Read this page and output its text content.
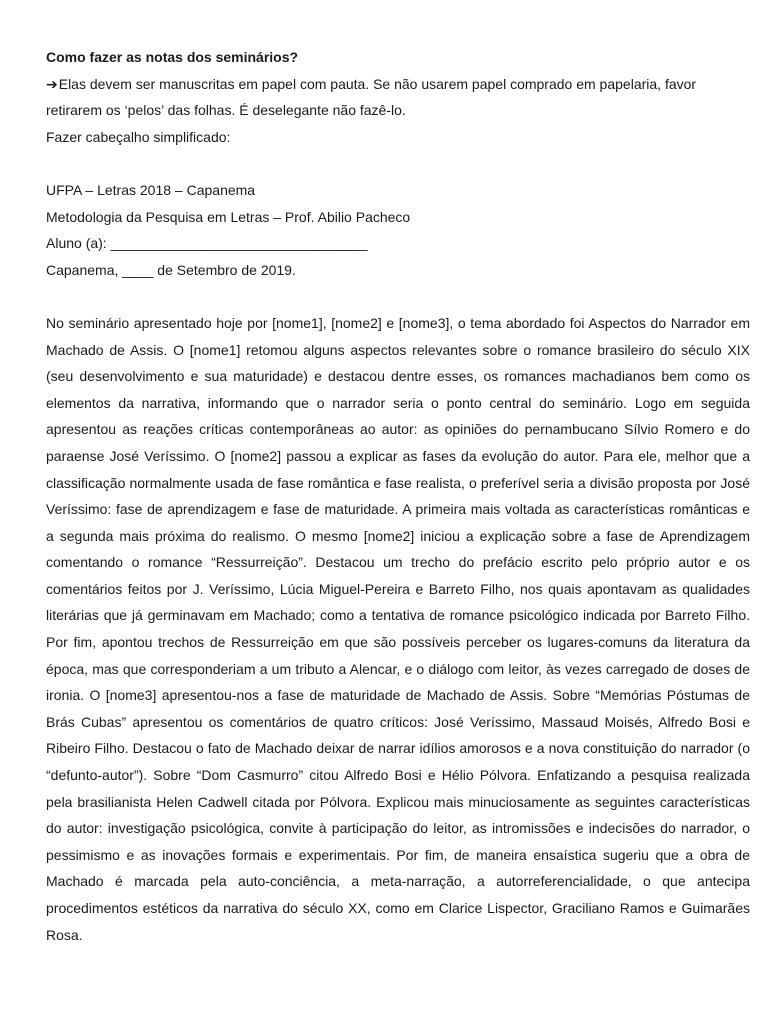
Como fazer as notas dos seminários?
➔Elas devem ser manuscritas em papel com pauta. Se não usarem papel comprado em papelaria, favor
retirarem os ‘pelos’ das folhas. É deselegante não fazê-lo.
Fazer cabeçalho simplificado:
UFPA – Letras 2018 – Capanema
Metodologia da Pesquisa em Letras – Prof. Abilio Pacheco
Aluno (a): _________________________________
Capanema, ____ de Setembro de 2019.

No seminário apresentado hoje por [nome1], [nome2] e [nome3], o tema abordado foi Aspectos do Narrador em Machado de Assis. O [nome1] retomou alguns aspectos relevantes sobre o romance brasileiro do século XIX (seu desenvolvimento e sua maturidade) e destacou dentre esses, os romances machadianos bem como os elementos da narrativa, informando que o narrador seria o ponto central do seminário. Logo em seguida apresentou as reações críticas contemporâneas ao autor: as opiniões do pernambucano Sílvio Romero e do paraense José Veríssimo. O [nome2] passou a explicar as fases da evolução do autor. Para ele, melhor que a classificação normalmente usada de fase romântica e fase realista, o preferível seria a divisão proposta por José Veríssimo: fase de aprendizagem e fase de maturidade. A primeira mais voltada as características românticas e a segunda mais próxima do realismo. O mesmo [nome2] iniciou a explicação sobre a fase de Aprendizagem comentando o romance “Ressurreição”. Destacou um trecho do prefácio escrito pelo próprio autor e os comentários feitos por J. Veríssimo, Lúcia Miguel-Pereira e Barreto Filho, nos quais apontavam as qualidades literárias que já germinavam em Machado; como a tentativa de romance psicológico indicada por Barreto Filho. Por fim, apontou trechos de Ressurreição em que são possíveis perceber os lugares-comuns da literatura da época, mas que corresponderiam a um tributo a Alencar, e o diálogo com leitor, às vezes carregado de doses de ironia. O [nome3] apresentou-nos a fase de maturidade de Machado de Assis. Sobre “Memórias Póstumas de Brás Cubas” apresentou os comentários de quatro críticos: José Veríssimo, Massaud Moisés, Alfredo Bosi e Ribeiro Filho. Destacou o fato de Machado deixar de narrar idílios amorosos e a nova constituição do narrador (o “defunto-autor”). Sobre “Dom Casmurro” citou Alfredo Bosi e Hélio Pólvora. Enfatizando a pesquisa realizada pela brasilianista Helen Cadwell citada por Pólvora. Explicou mais minuciosamente as seguintes características do autor: investigação psicológica, convite à participação do leitor, as intromissões e indecisões do narrador, o pessimismo e as inovações formais e experimentais. Por fim, de maneira ensaística sugeriu que a obra de Machado é marcada pela auto-conciência, a meta-narração, a autorreferencialidade, o que antecipa procedimentos estéticos da narrativa do século XX, como em Clarice Lispector, Graciliano Ramos e Guimarães Rosa.
